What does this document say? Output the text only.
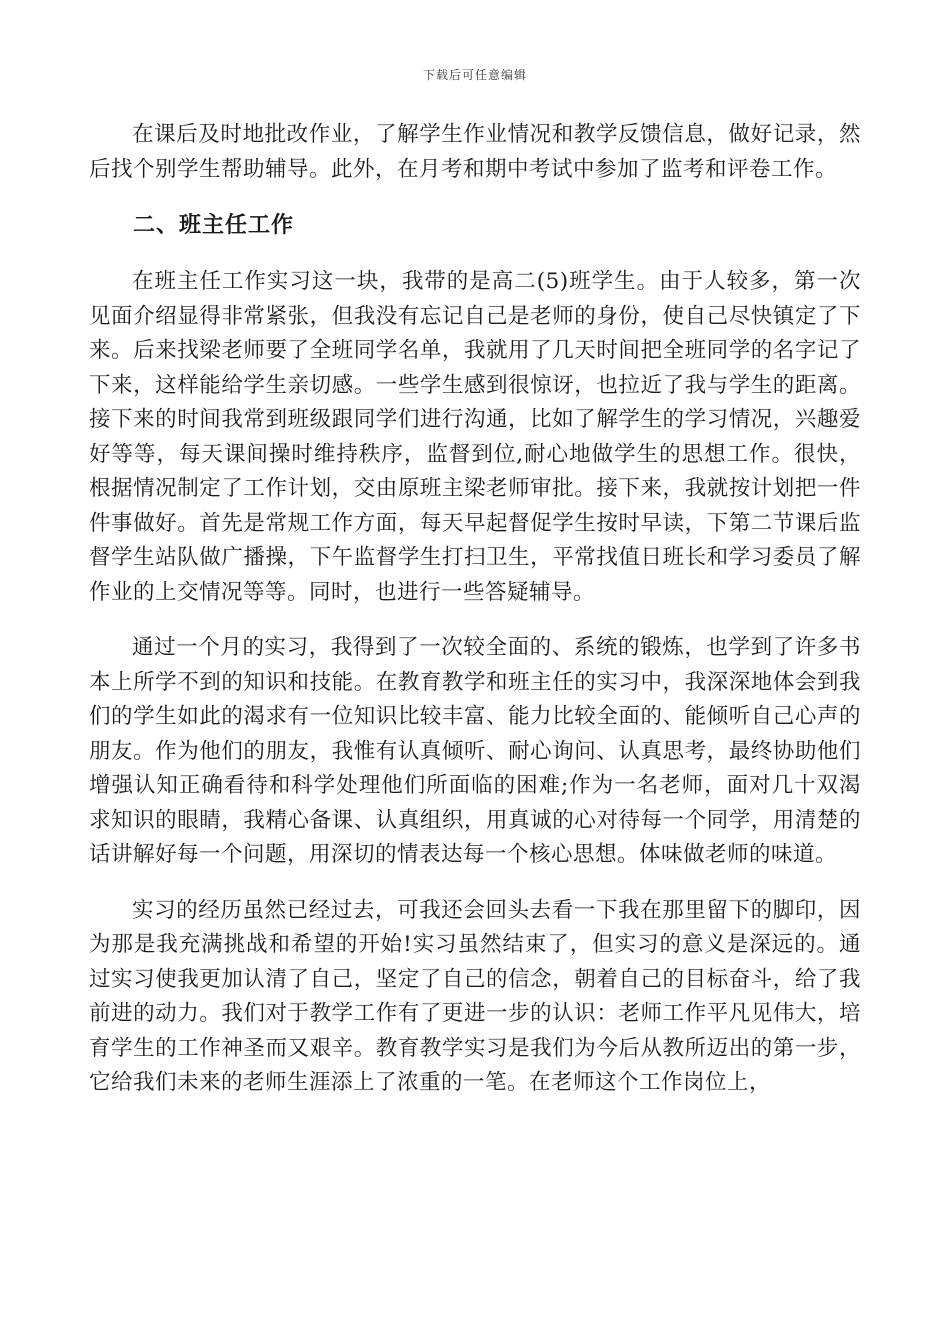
下载后可任意编辑

在课后及时地批改作业，了解学生作业情况和教学反馈信息，做好记录，然后找个别学生帮助辅导。此外，在月考和期中考试中参加了监考和评卷工作。

二、班主任工作

在班主任工作实习这一块，我带的是高二(5)班学生。由于人较多，第一次见面介绍显得非常紧张，但我没有忘记自己是老师的身份，使自己尽快镇定了下来。后来找梁老师要了全班同学名单，我就用了几天时间把全班同学的名字记了下来，这样能给学生亲切感。一些学生感到很惊讶，也拉近了我与学生的距离。接下来的时间我常到班级跟同学们进行沟通，比如了解学生的学习情况，兴趣爱好等等，每天课间操时维持秩序，监督到位,耐心地做学生的思想工作。很快，根据情况制定了工作计划，交由原班主梁老师审批。接下来，我就按计划把一件件事做好。首先是常规工作方面，每天早起督促学生按时早读，下第二节课后监督学生站队做广播操，下午监督学生打扫卫生，平常找值日班长和学习委员了解作业的上交情况等等。同时，也进行一些答疑辅导。

通过一个月的实习，我得到了一次较全面的、系统的锻炼，也学到了许多书本上所学不到的知识和技能。在教育教学和班主任的实习中，我深深地体会到我们的学生如此的渴求有一位知识比较丰富、能力比较全面的、能倾听自己心声的朋友。作为他们的朋友，我惟有认真倾听、耐心询问、认真思考，最终协助他们增强认知正确看待和科学处理他们所面临的困难;作为一名老师，面对几十双渴求知识的眼睛，我精心备课、认真组织，用真诚的心对待每一个同学，用清楚的话讲解好每一个问题，用深切的情表达每一个核心思想。体味做老师的味道。

实习的经历虽然已经过去，可我还会回头去看一下我在那里留下的脚印，因为那是我充满挑战和希望的开始!实习虽然结束了，但实习的意义是深远的。通过实习使我更加认清了自己，坚定了自己的信念，朝着自己的目标奋斗，给了我前进的动力。我们对于教学工作有了更进一步的认识：老师工作平凡见伟大，培育学生的工作神圣而又艰辛。教育教学实习是我们为今后从教所迈出的第一步，它给我们未来的老师生涯添上了浓重的一笔。在老师这个工作岗位上，
